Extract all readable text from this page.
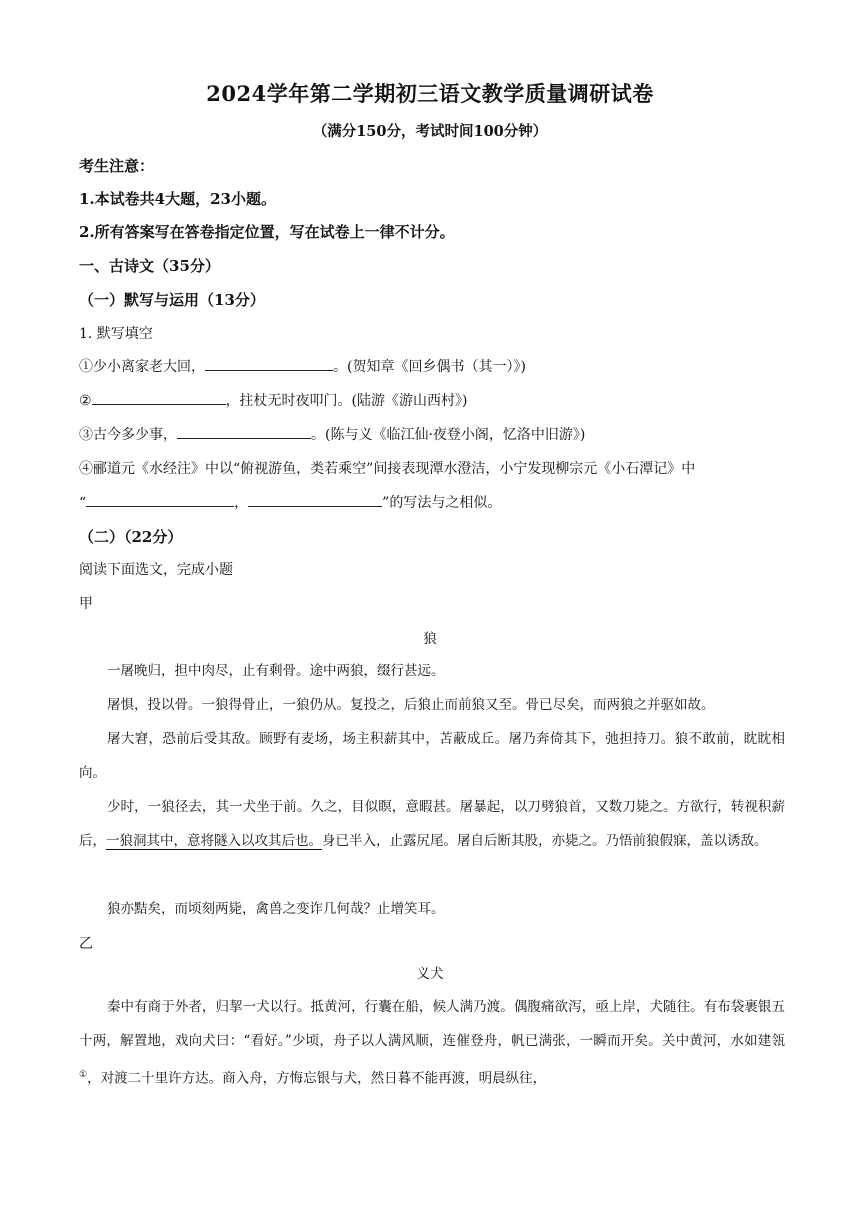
2024学年第二学期初三语文教学质量调研试卷
（满分150分，考试时间100分钟）
考生注意：
1.本试卷共4大题，23小题。
2.所有答案写在答卷指定位置，写在试卷上一律不计分。
一、古诗文（35分）
（一）默写与运用（13分）
1. 默写填空
①少小离家老大回，	。(贺知章《回乡偶书（其一）》)
②	，拄杖无时夜叩门。(陆游《游山西村》)
③古今多少事，	。(陈与义《临江仙·夜登小阁，忆洛中旧游》)
④郦道元《水经注》中以“俯视游鱼，类若乘空”间接表现潭水澄洁，小宁发现柳宗元《小石潭记》中
“	，	”的写法与之相似。
（二）（22分）
阅读下面选文，完成小题
甲
狼
一屠晚归，担中肉尽，止有剩骨。途中两狼，缀行甚远。
屠惧，投以骨。一狼得骨止，一狼仍从。复投之，后狼止而前狼又至。骨已尽矣，而两狼之并驱如故。
屠大窘，恐前后受其敌。顾野有麦场，场主积薪其中，苫蔽成丘。屠乃奔倚其下，弛担持刀。狼不敢前，眈眈相向。
少时，一狼径去，其一犬坐于前。久之，目似瞑，意暇甚。屠暴起，以刀劈狼首，又数刀毙之。方欲行，转视积薪后，一狼洞其中，意将隧入以攻其后也。身已半入，止露尻尾。屠自后断其股，亦毙之。乃悟前狼假寐，盖以诱敌。
狼亦黠矣，而顷刻两毙，禽兽之变诈几何哉？止增笑耳。
乙
义犬
秦中有商于外者，归挈一犬以行。抵黄河，行囊在船，候人满乃渡。偶腹痛欲泻，亟上岸，犬随往。有布袋裹银五十两，解置地，戏向犬曰：“看好。”少顷，舟子以人满风顺，连催登舟，帆已满张，一瞬而开矣。关中黄河，水如建瓴①，对渡二十里许方达。商入舟，方悔忘银与犬，然日暮不能再渡，明晨纵往，
